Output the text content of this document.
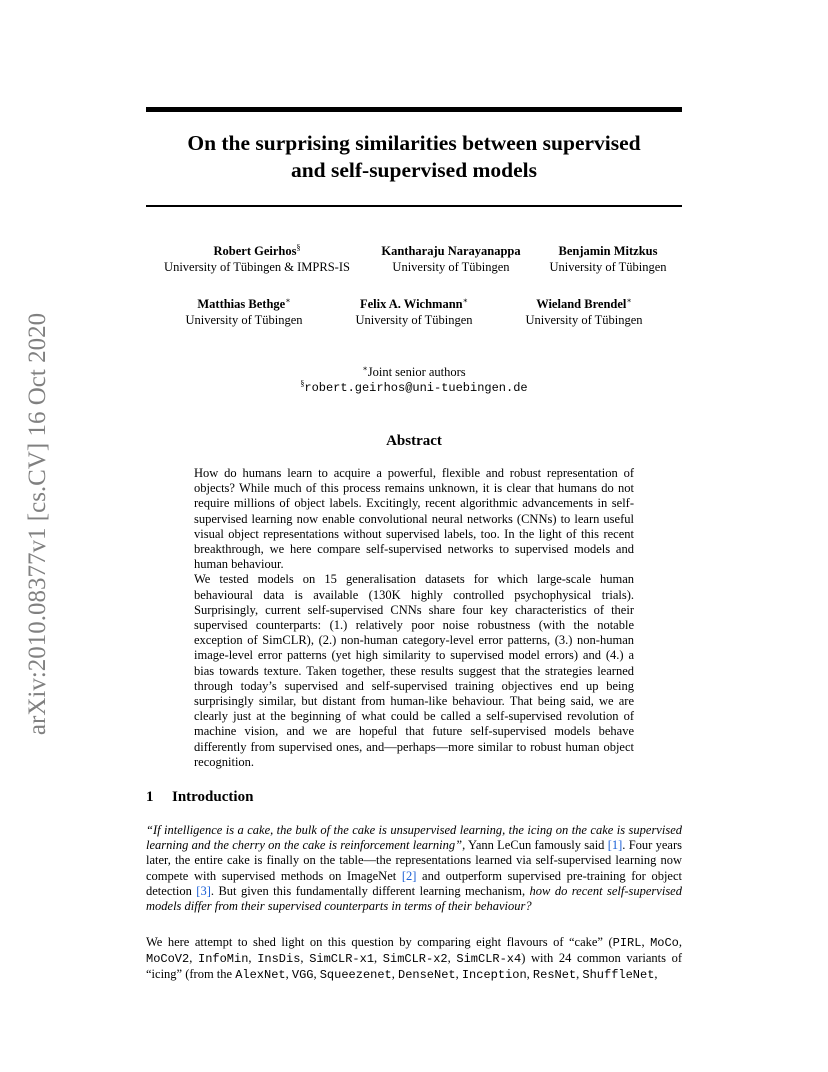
arXiv:2010.08377v1 [cs.CV] 16 Oct 2020
On the surprising similarities between supervised
and self-supervised models
Robert Geirhos§
University of Tübingen & IMPRS-IS
Kantharaju Narayanappa
University of Tübingen
Benjamin Mitzkus
University of Tübingen
Matthias Bethge∗
University of Tübingen
Felix A. Wichmann∗
University of Tübingen
Wieland Brendel∗
University of Tübingen
∗Joint senior authors
§robert.geirhos@uni-tuebingen.de
Abstract

How do humans learn to acquire a powerful, flexible and robust representation of objects? While much of this process remains unknown, it is clear that humans do not require millions of object labels. Excitingly, recent algorithmic advancements in self-supervised learning now enable convolutional neural networks (CNNs) to learn useful visual object representations without supervised labels, too. In the light of this recent breakthrough, we here compare self-supervised networks to supervised models and human behaviour.

We tested models on 15 generalisation datasets for which large-scale human behavioural data is available (130K highly controlled psychophysical trials). Surprisingly, current self-supervised CNNs share four key characteristics of their supervised counterparts: (1.) relatively poor noise robustness (with the notable exception of SimCLR), (2.) non-human category-level error patterns, (3.) non-human image-level error patterns (yet high similarity to supervised model errors) and (4.) a bias towards texture. Taken together, these results suggest that the strategies learned through today’s supervised and self-supervised training objectives end up being surprisingly similar, but distant from human-like behaviour. That being said, we are clearly just at the beginning of what could be called a self-supervised revolution of machine vision, and we are hopeful that future self-supervised models behave differently from supervised ones, and—perhaps—more similar to robust human object recognition.

1 Introduction

“If intelligence is a cake, the bulk of the cake is unsupervised learning, the icing on the cake is supervised learning and the cherry on the cake is reinforcement learning”, Yann LeCun famously said [1]. Four years later, the entire cake is finally on the table—the representations learned via self-supervised learning now compete with supervised methods on ImageNet [2] and outperform supervised pre-training for object detection [3]. But given this fundamentally different learning mechanism, how do recent self-supervised models differ from their supervised counterparts in terms of their behaviour?

We here attempt to shed light on this question by comparing eight flavours of “cake” (PIRL, MoCo, MoCoV2, InfoMin, InsDis, SimCLR-x1, SimCLR-x2, SimCLR-x4) with 24 common variants of “icing” (from the AlexNet, VGG, Squeezenet, DenseNet, Inception, ResNet, ShuffleNet,
